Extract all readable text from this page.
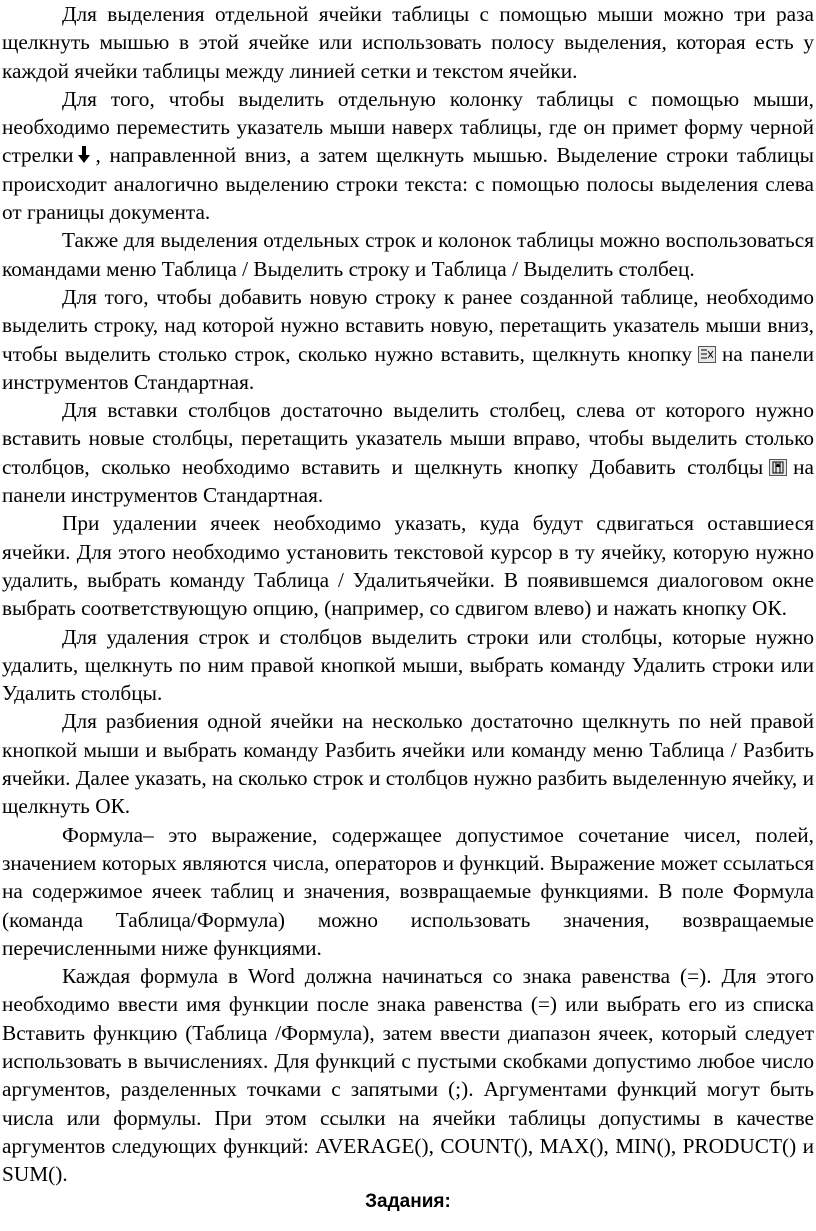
Для выделения отдельной ячейки таблицы с помощью мыши можно три раза щелкнуть мышью в этой ячейке или использовать полосу выделения, которая есть у каждой ячейки таблицы между линией сетки и текстом ячейки.

Для того, чтобы выделить отдельную колонку таблицы с помощью мыши, необходимо переместить указатель мыши наверх таблицы, где он примет форму черной стрелки , направленной вниз, а затем щелкнуть мышью. Выделение строки таблицы происходит аналогично выделению строки текста: с помощью полосы выделения слева от границы документа.

Также для выделения отдельных строк и колонок таблицы можно воспользоваться командами меню Таблица / Выделить строку и Таблица / Выделить столбец.

Для того, чтобы добавить новую строку к ранее созданной таблице, необходимо выделить строку, над которой нужно вставить новую, перетащить указатель мыши вниз, чтобы выделить столько строк, сколько нужно вставить, щелкнуть кнопку на панели инструментов Стандартная.

Для вставки столбцов достаточно выделить столбец, слева от которого нужно вставить новые столбцы, перетащить указатель мыши вправо, чтобы выделить столько столбцов, сколько необходимо вставить и щелкнуть кнопку Добавить столбцы на панели инструментов Стандартная.

При удалении ячеек необходимо указать, куда будут сдвигаться оставшиеся ячейки. Для этого необходимо установить текстовой курсор в ту ячейку, которую нужно удалить, выбрать команду Таблица / Удалитьячейки. В появившемся диалоговом окне выбрать соответствующую опцию, (например, со сдвигом влево) и нажать кнопку ОК.

Для удаления строк и столбцов выделить строки или столбцы, которые нужно удалить, щелкнуть по ним правой кнопкой мыши, выбрать команду Удалить строки или Удалить столбцы.

Для разбиения одной ячейки на несколько достаточно щелкнуть по ней правой кнопкой мыши и выбрать команду Разбить ячейки или команду меню Таблица / Разбить ячейки. Далее указать, на сколько строк и столбцов нужно разбить выделенную ячейку, и щелкнуть ОК.

Формула– это выражение, содержащее допустимое сочетание чисел, полей, значением которых являются числа, операторов и функций. Выражение может ссылаться на содержимое ячеек таблиц и значения, возвращаемые функциями. В поле Формула (команда Таблица/Формула) можно использовать значения, возвращаемые перечисленными ниже функциями.

Каждая формула в Word должна начинаться со знака равенства (=). Для этого необходимо ввести имя функции после знака равенства (=) или выбрать его из списка Вставить функцию (Таблица /Формула), затем ввести диапазон ячеек, который следует использовать в вычислениях. Для функций с пустыми скобками допустимо любое число аргументов, разделенных точками с запятыми (;). Аргументами функций могут быть числа или формулы. При этом ссылки на ячейки таблицы допустимы в качестве аргументов следующих функций: AVERAGE(), COUNT(), MAX(), MIN(), PRODUCT() и SUM().

Задания:
